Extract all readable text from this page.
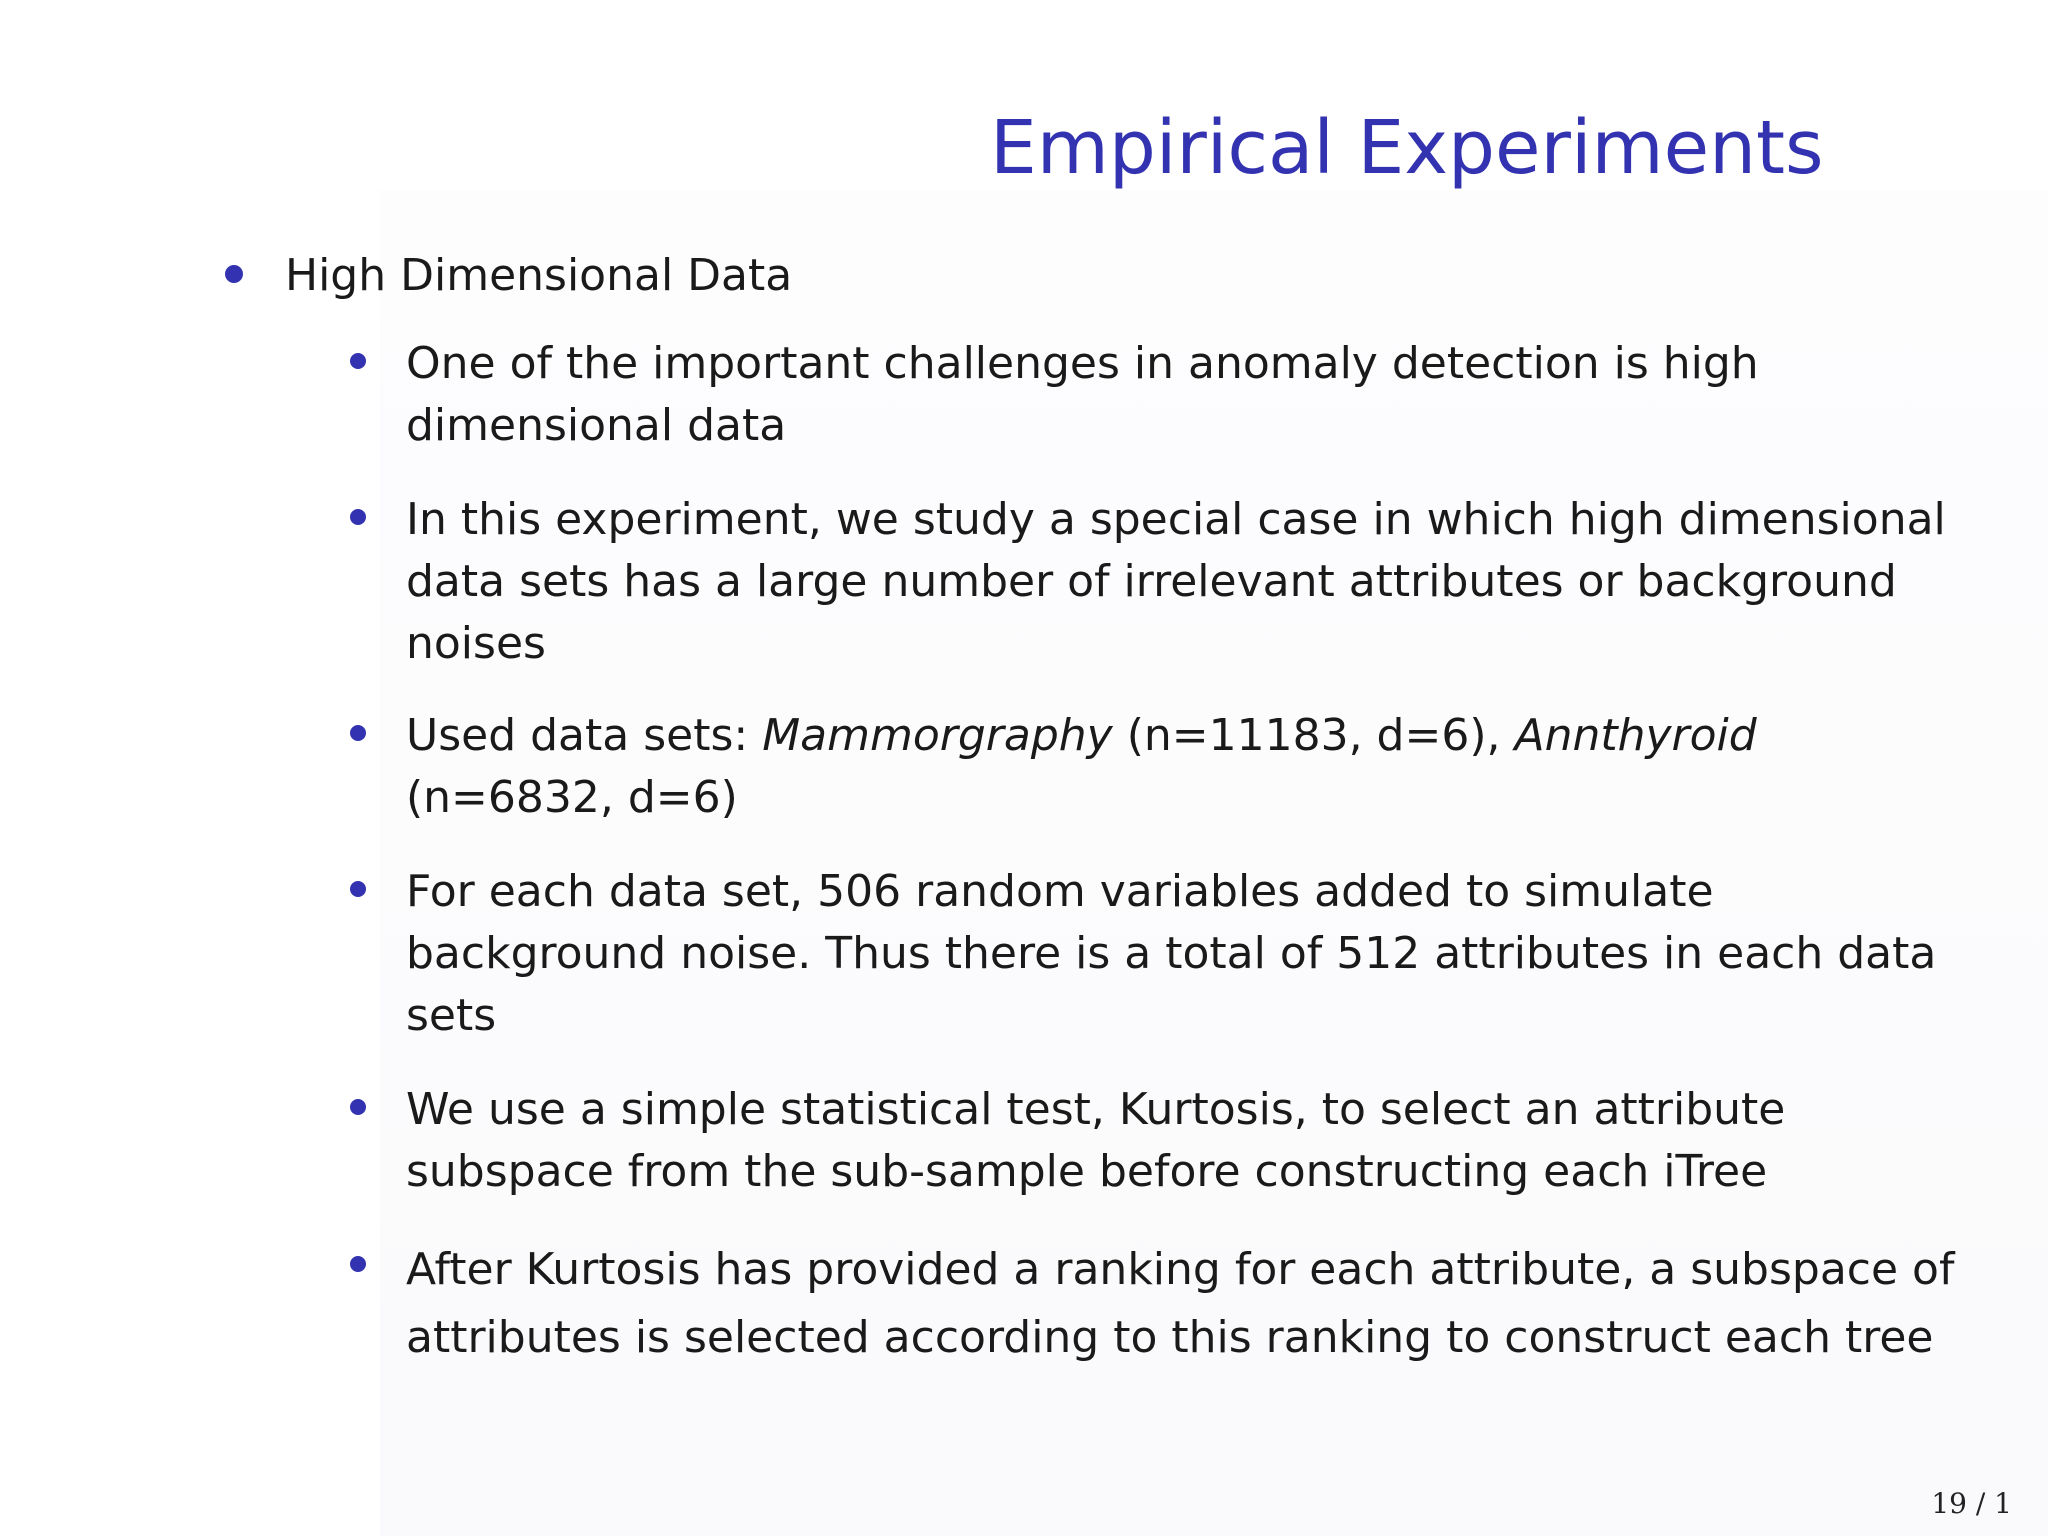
Empirical Experiments
High Dimensional Data
One of the important challenges in anomaly detection is high dimensional data
In this experiment, we study a special case in which high dimensional data sets has a large number of irrelevant attributes or background noises
Used data sets: Mammorgraphy (n=11183, d=6), Annthyroid (n=6832, d=6)
For each data set, 506 random variables added to simulate background noise. Thus there is a total of 512 attributes in each data sets
We use a simple statistical test, Kurtosis, to select an attribute subspace from the sub-sample before constructing each iTree
After Kurtosis has provided a ranking for each attribute, a subspace of attributes is selected according to this ranking to construct each tree
19 / 1
